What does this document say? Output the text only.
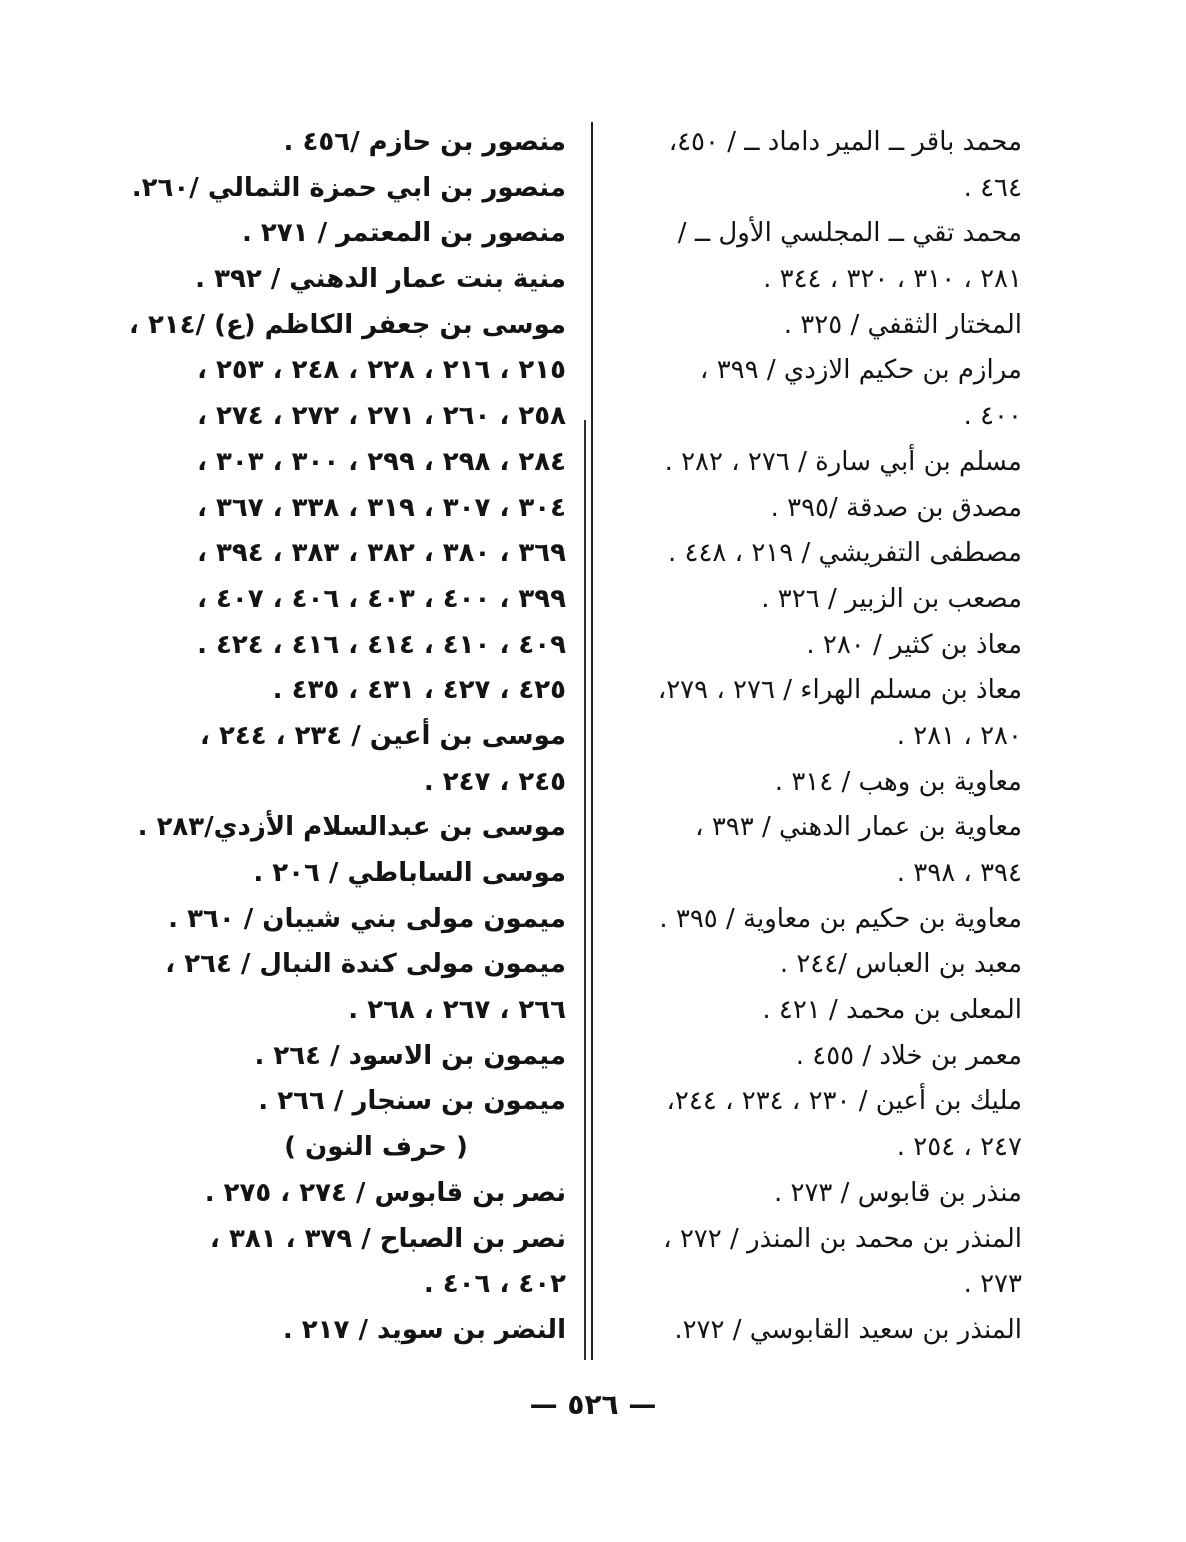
محمد باقر ــ المير داماد ــ / ٤٥٠،
٤٦٤ .
محمد تقي ــ المجلسي الأول ــ /
٢٨١ ، ٣١٠ ، ٣٢٠ ، ٣٤٤ .
المختار الثقفي / ٣٢٥ .
مرازم بن حكيم الازدي / ٣٩٩ ،
٤٠٠ .
مسلم بن أبي سارة / ٢٧٦ ، ٢٨٢ .
مصدق بن صدقة /٣٩٥ .
مصطفى التفريشي / ٢١٩ ، ٤٤٨ .
مصعب بن الزبير / ٣٢٦ .
معاذ بن كثير / ٢٨٠ .
معاذ بن مسلم الهراء / ٢٧٦ ، ٢٧٩،
٢٨٠ ، ٢٨١ .
معاوية بن وهب / ٣١٤ .
معاوية بن عمار الدهني / ٣٩٣ ،
٣٩٤ ، ٣٩٨ .
معاوية بن حكيم بن معاوية / ٣٩٥ .
معبد بن العباس /٢٤٤ .
المعلى بن محمد / ٤٢١ .
معمر بن خلاد / ٤٥٥ .
مليك بن أعين / ٢٣٠ ، ٢٣٤ ، ٢٤٤،
٢٤٧ ، ٢٥٤ .
منذر بن قابوس / ٢٧٣ .
المنذر بن محمد بن المنذر / ٢٧٢ ،
٢٧٣ .
المنذر بن سعيد القابوسي / ٢٧٢.
منصور بن حازم /٤٥٦ .
منصور بن ابي حمزة الثمالي /٢٦٠.
منصور بن المعتمر / ٢٧١ .
منية بنت عمار الدهني / ٣٩٢ .
موسى بن جعفر الكاظم (ع) /٢١٤ ،
٢١٥ ، ٢١٦ ، ٢٢٨ ، ٢٤٨ ، ٢٥٣ ،
٢٥٨ ، ٢٦٠ ، ٢٧١ ، ٢٧٢ ، ٢٧٤ ،
٢٨٤ ، ٢٩٨ ، ٢٩٩ ، ٣٠٠ ، ٣٠٣ ،
٣٠٤ ، ٣٠٧ ، ٣١٩ ، ٣٣٨ ، ٣٦٧ ،
٣٦٩ ، ٣٨٠ ، ٣٨٢ ، ٣٨٣ ، ٣٩٤ ،
٣٩٩ ، ٤٠٠ ، ٤٠٣ ، ٤٠٦ ، ٤٠٧ ،
٤٠٩ ، ٤١٠ ، ٤١٤ ، ٤١٦ ، ٤٢٤ .
٤٢٥ ، ٤٢٧ ، ٤٣١ ، ٤٣٥ .
موسى بن أعين / ٢٣٤ ، ٢٤٤ ،
٢٤٥ ، ٢٤٧ .
موسى بن عبدالسلام الأزدي/٢٨٣ .
موسى الساباطي / ٢٠٦ .
ميمون مولى بني شيبان / ٣٦٠ .
ميمون مولى كندة النبال / ٢٦٤ ،
٢٦٦ ، ٢٦٧ ، ٢٦٨ .
ميمون بن الاسود / ٢٦٤ .
ميمون بن سنجار / ٢٦٦ .
( حرف النون )
نصر بن قابوس / ٢٧٤ ، ٢٧٥ .
نصر بن الصباح / ٣٧٩ ، ٣٨١ ،
٤٠٢ ، ٤٠٦ .
النضر بن سويد / ٢١٧ .
— ٥٢٦ —
